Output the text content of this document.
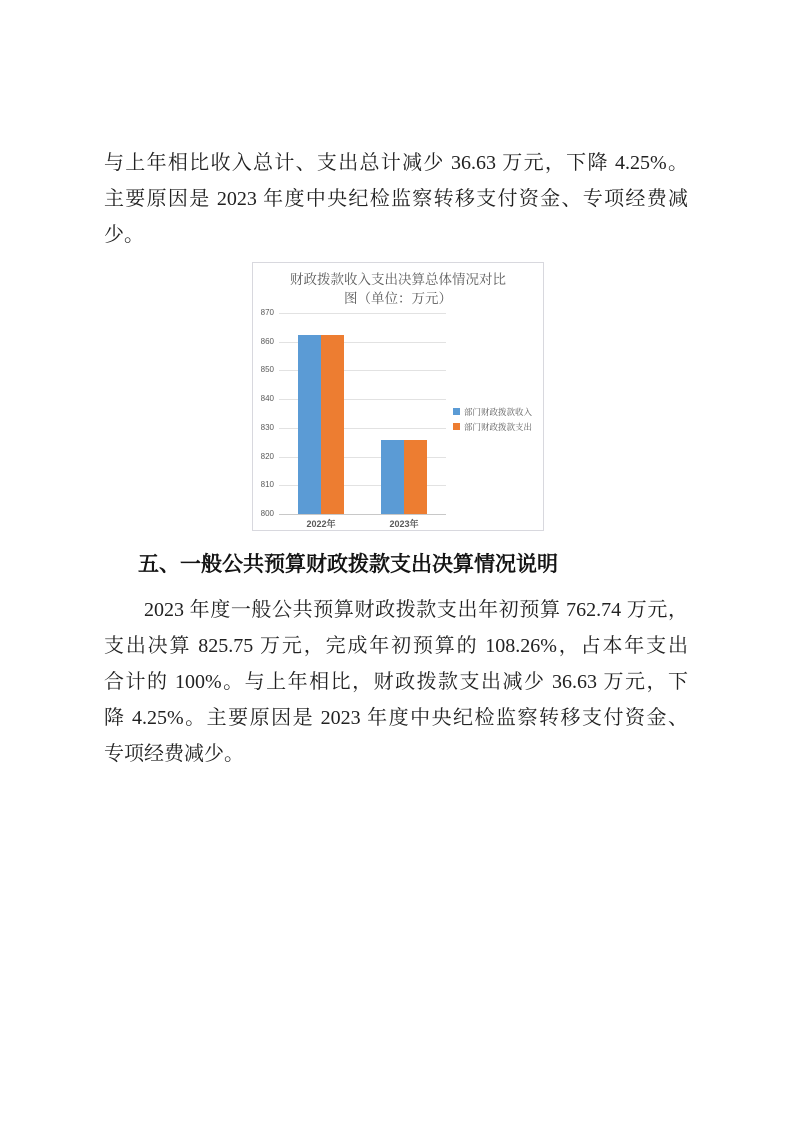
与上年相比收入总计、支出总计减少 36.63 万元，下降 4.25%。
主要原因是 2023 年度中央纪检监察转移支付资金、专项经费减
少。
财政拨款收入支出决算总体情况对比
图（单位：万元）
800
810
820
830
840
850
860
870
2022年	2023年
部门财政拨款收入
部门财政拨款支出
五、一般公共预算财政拨款支出决算情况说明
2023 年度一般公共预算财政拨款支出年初预算 762.74 万元，
支出决算 825.75 万元，完成年初预算的 108.26%，占本年支出
合计的 100%。与上年相比，财政拨款支出减少 36.63 万元，下
降 4.25%。主要原因是 2023 年度中央纪检监察转移支付资金、
专项经费减少。
